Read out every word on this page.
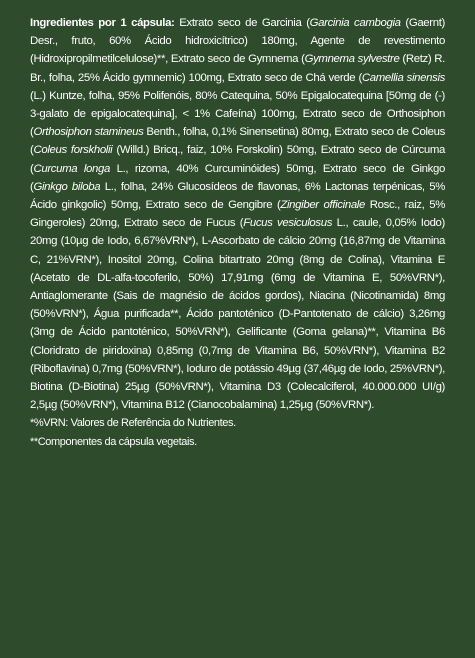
Ingredientes por 1 cápsula: Extrato seco de Garcinia (Garcinia cambogia (Gaernt) Desr., fruto, 60% Ácido hidroxicítrico) 180mg, Agente de revestimento (Hidroxipropilmetilcelulose)**, Extrato seco de Gymnema (Gymnema sylvestre (Retz) R. Br., folha, 25% Ácido gymnemic) 100mg, Extrato seco de Chá verde (Camellia sinensis (L.) Kuntze, folha, 95% Polifenóis, 80% Catequina, 50% Epigalocatequina [50mg de (-) 3-galato de epigalocatequina], < 1% Cafeína) 100mg, Extrato seco de Orthosiphon (Orthosiphon stamineus Benth., folha, 0,1% Sinensetina) 80mg, Extrato seco de Coleus (Coleus forskholii (Willd.) Bricq., faiz, 10% Forskolin) 50mg, Extrato seco de Cúrcuma (Curcuma longa L., rizoma, 40% Curcuminóides) 50mg, Extrato seco de Ginkgo (Ginkgo biloba L., folha, 24% Glucosídeos de flavonas, 6% Lactonas terpénicas, 5% Ácido ginkgolic) 50mg, Extrato seco de Gengibre (Zingiber officinale Rosc., raiz, 5% Gingeroles) 20mg, Extrato seco de Fucus (Fucus vesiculosus L., caule, 0,05% Iodo) 20mg (10µg de Iodo, 6,67%VRN*), L-Ascorbato de cálcio 20mg (16,87mg de Vitamina C, 21%VRN*), Inositol 20mg, Colina bitartrato 20mg (8mg de Colina), Vitamina E (Acetato de DL-alfa-tocoferilo, 50%) 17,91mg (6mg de Vitamina E, 50%VRN*), Antiaglomerante (Sais de magnésio de ácidos gordos), Niacina (Nicotinamida) 8mg (50%VRN*), Água purificada**, Ácido pantoténico (D-Pantotenato de cálcio) 3,26mg (3mg de Ácido pantoténico, 50%VRN*), Gelificante (Goma gelana)**, Vitamina B6 (Cloridrato de piridoxina) 0,85mg (0,7mg de Vitamina B6, 50%VRN*), Vitamina B2 (Riboflavina) 0,7mg (50%VRN*), Ioduro de potássio 49µg (37,46µg de Iodo, 25%VRN*), Biotina (D-Biotina) 25µg (50%VRN*), Vitamina D3 (Colecalciferol, 40.000.000 UI/g) 2,5µg (50%VRN*), Vitamina B12 (Cianocobalamina) 1,25µg (50%VRN*).

*%VRN: Valores de Referência do Nutrientes.

**Componentes da cápsula vegetais.
